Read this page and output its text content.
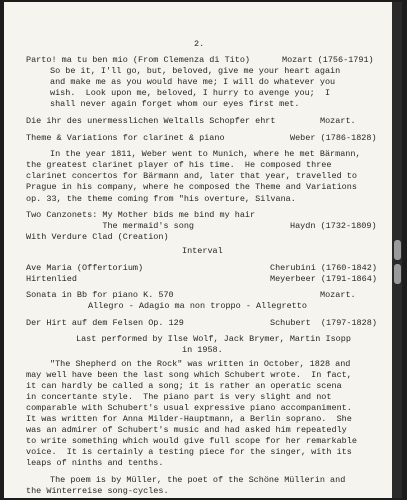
2.
Parto! ma tu ben mio (From Clemenza di Tito)	Mozart (1756-1791)
So be it, I'll go, but, beloved, give me your heart again
and make me as you would have me; I will do whatever you
wish.  Look upon me, beloved, I hurry to avenge you;  I
shall never again forget whom our eyes first met.
Die ihr des unermesslichen Weltalls Schopfer ehrt	Mozart.
Theme & Variations for clarinet & piano	Weber (1786-1828)
In the year 1811, Weber went to Munich, where he met Bärmann,
the greatest clarinet player of his time.  He composed three
clarinet concertos for Bärmann and, later that year, travelled to
Prague in his company, where he composed the Theme and Variations
op. 33, the theme coming from "his overture, Silvana.
Two Canzonets: My Mother bids me bind my hair
The mermaid's song	Haydn (1732-1809)
With Verdure Clad (Creation)
Interval
Ave Maria (Offertorium)	Cherubini (1760-1842)
Hirtenlied	Meyerbeer (1791-1864)
Sonata in Bb for piano K. 570	Mozart.
Allegro - Adagio ma non troppo - Allegretto
Der Hirt auf dem Felsen Op. 129	Schubert  (1797-1828)
Last performed by Ilse Wolf, Jack Brymer, Martin Isopp
in 1958.
"The Shepherd on the Rock" was written in October, 1828 and
may well have been the last song which Schubert wrote.  In fact,
it can hardly be called a song; it is rather an operatic scena
in concertante style.  The piano part is very slight and not
comparable with Schubert's usual expressive piano accompaniment.
It was written for Anna Milder-Hauptmann, a Berlin soprano.  She
was an admirer of Schubert's music and had asked him repeatedly
to write something which would give full scope for her remarkable
voice.  It is certainly a testing piece for the singer, with its
leaps of ninths and tenths.
The poem is by Müller, the poet of the Schöne Müllerin and
the Winterreise song-cycles.
